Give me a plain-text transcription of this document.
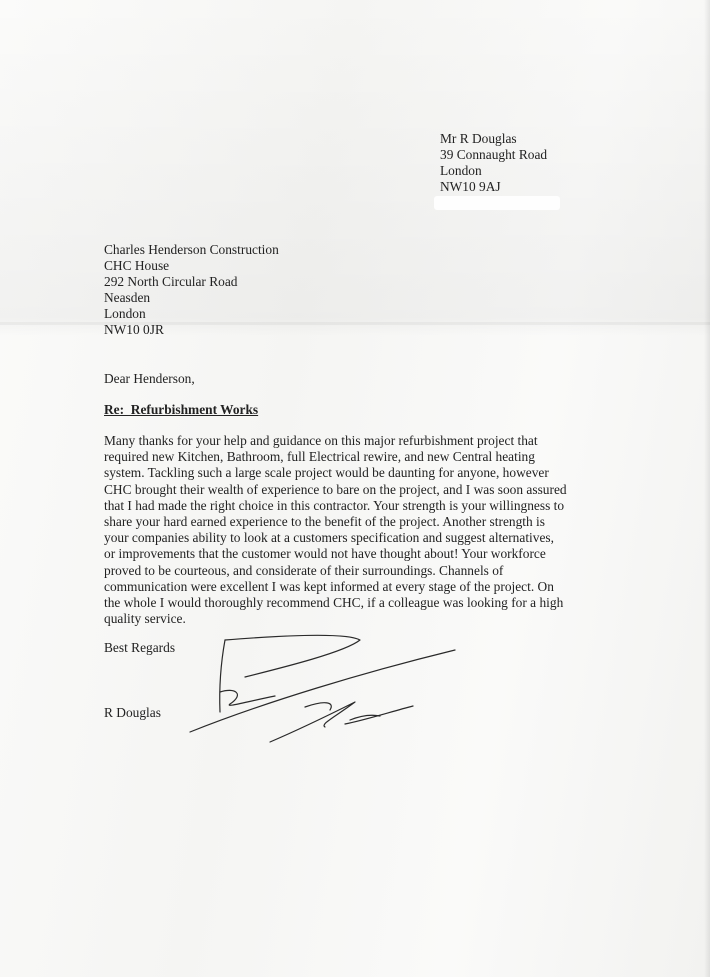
Mr R Douglas
39 Connaught Road
London
NW10 9AJ
Charles Henderson Construction
CHC House
292 North Circular Road
Neasden
London
NW10 0JR
Dear Henderson,
Re:  Refurbishment Works
Many thanks for your help and guidance on this major refurbishment project that
required new Kitchen, Bathroom, full Electrical rewire, and new Central heating
system. Tackling such a large scale project would be daunting for anyone, however
CHC brought their wealth of experience to bare on the project, and I was soon assured
that I had made the right choice in this contractor. Your strength is your willingness to
share your hard earned experience to the benefit of the project. Another strength is
your companies ability to look at a customers specification and suggest alternatives,
or improvements that the customer would not have thought about! Your workforce
proved to be courteous, and considerate of their surroundings. Channels of
communication were excellent I was kept informed at every stage of the project. On
the whole I would thoroughly recommend CHC, if a colleague was looking for a high
quality service.
Best Regards
R Douglas
